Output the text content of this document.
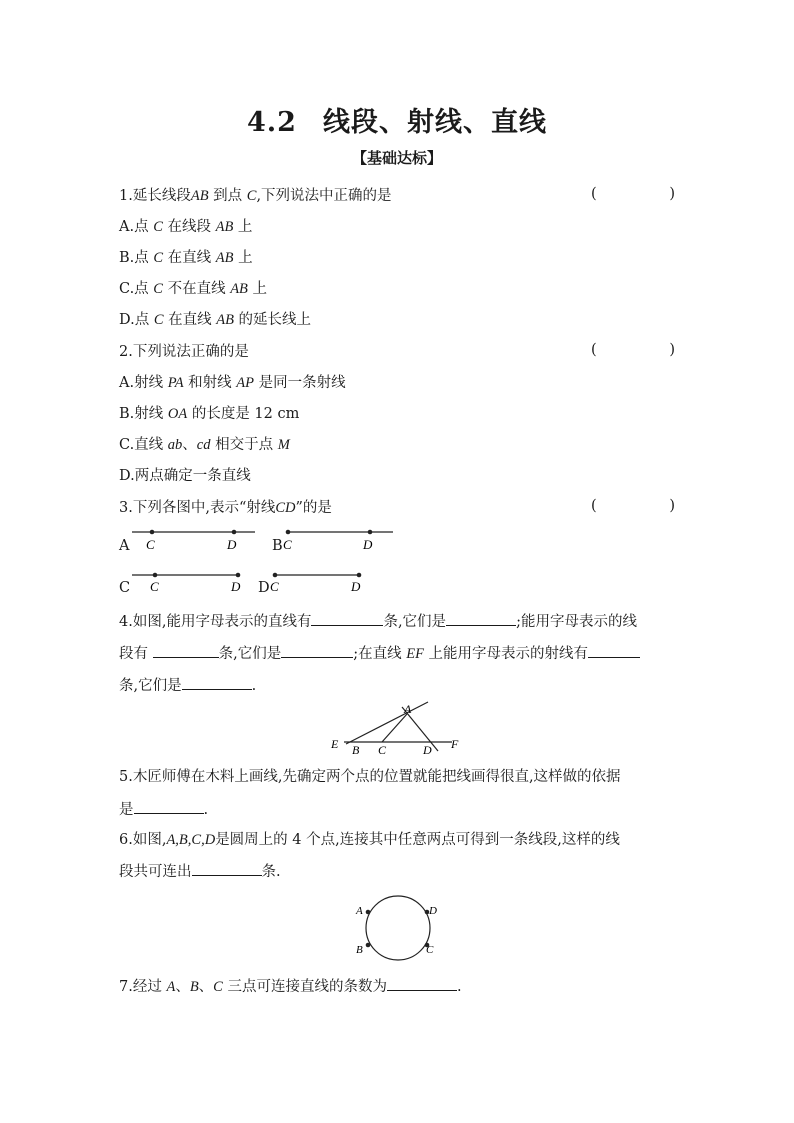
4.2 线段、射线、直线
【基础达标】
1.延长线段AB 到点 C,下列说法中正确的是	(	)
A.点 C 在线段 AB 上
B.点 C 在直线 AB 上
C.点 C 不在直线 AB 上
D.点 C 在直线 AB 的延长线上
2.下列说法正确的是	(	)
A.射线 PA 和射线 AP 是同一条射线
B.射线 OA 的长度是 12 cm
C.直线 ab、cd 相交于点 M
D.两点确定一条直线
3.下列各图中,表示“射线CD”的是	(	)
A	B
C	D
C	D	C	D
C	D C	D
4.如图,能用字母表示的直线有	条,它们是	;能用字母表示的线
段有	条,它们是	;在直线 EF 上能用字母表示的射线有
条,它们是	.
A
B C	D
E	F
5.木匠师傅在木料上画线,先确定两个点的位置就能把线画得很直,这样做的依据
是	.
6.如图,A,B,C,D是圆周上的 4 个点,连接其中任意两点可得到一条线段,这样的线
段共可连出	条.
A
B	C
D
7.经过 A、B、C 三点可连接直线的条数为	.
